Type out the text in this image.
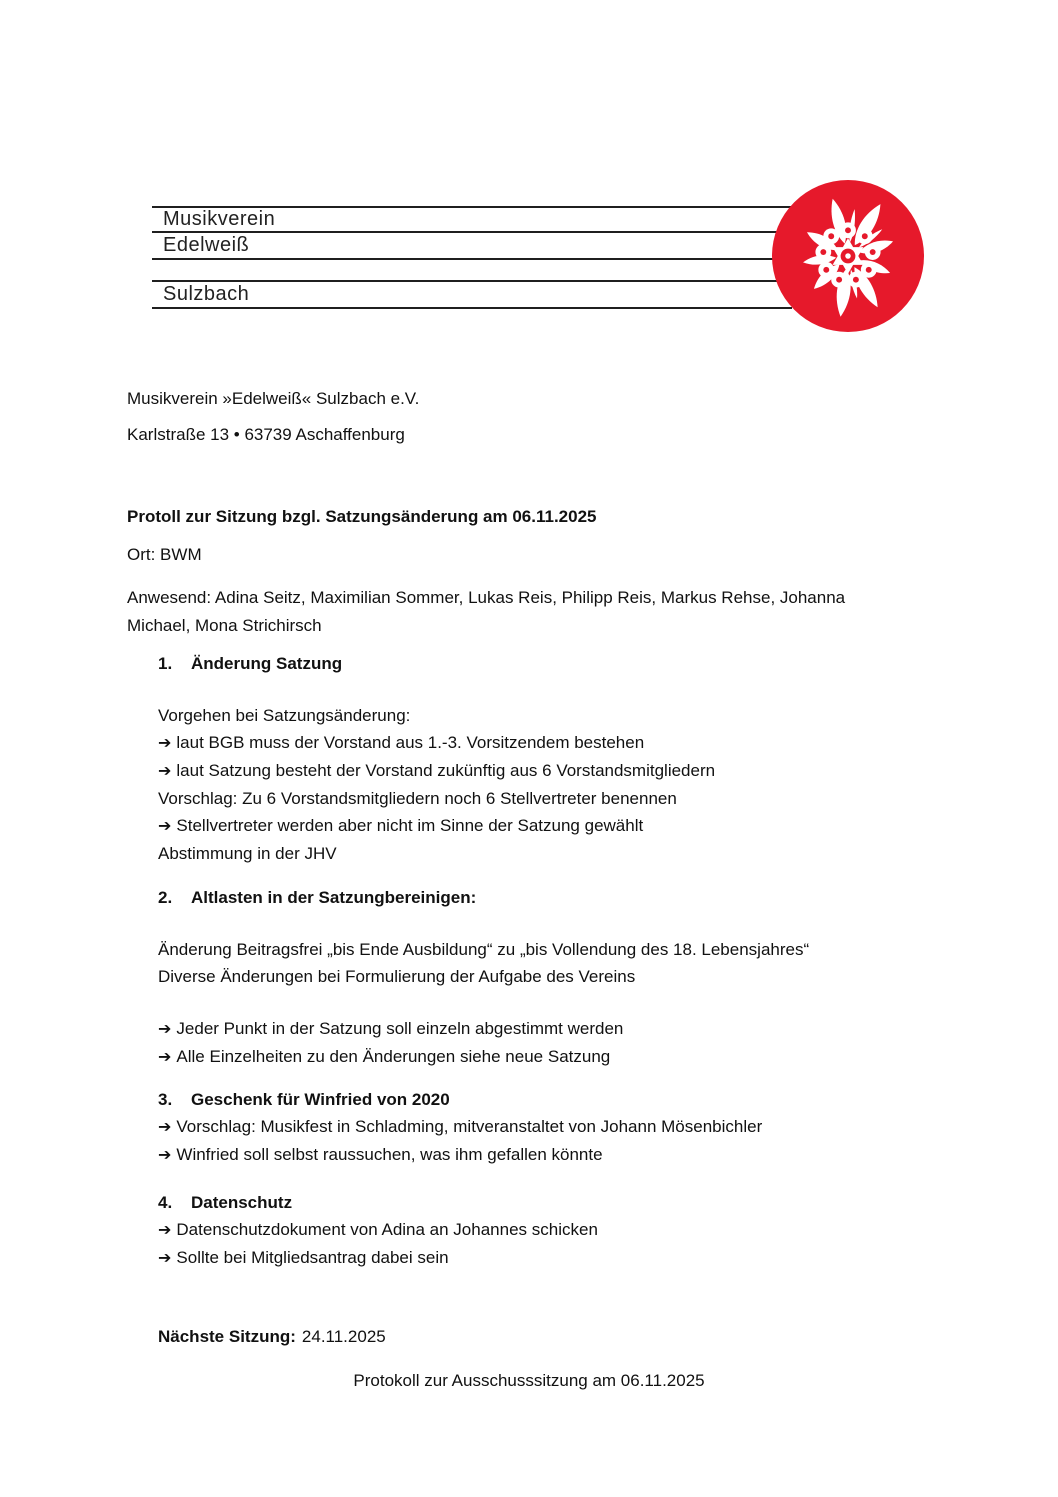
Musikverein
Edelweiß
Sulzbach
Musikverein »Edelweiß« Sulzbach e.V.
Karlstraße 13 • 63739 Aschaffenburg
Protoll zur Sitzung bzgl. Satzungsänderung am 06.11.2025
Ort: BWM
Anwesend: Adina Seitz, Maximilian Sommer, Lukas Reis, Philipp Reis, Markus Rehse, Johanna Michael, Mona Strichirsch
1. Änderung Satzung
Vorgehen bei Satzungsänderung:
➔ laut BGB muss der Vorstand aus 1.-3. Vorsitzendem bestehen
➔ laut Satzung besteht der Vorstand zukünftig aus 6 Vorstandsmitgliedern
Vorschlag: Zu 6 Vorstandsmitgliedern noch 6 Stellvertreter benennen
➔ Stellvertreter werden aber nicht im Sinne der Satzung gewählt
Abstimmung in der JHV
2. Altlasten in der Satzungbereinigen:
Änderung Beitragsfrei „bis Ende Ausbildung“ zu „bis Vollendung des 18. Lebensjahres“
Diverse Änderungen bei Formulierung der Aufgabe des Vereins
➔ Jeder Punkt in der Satzung soll einzeln abgestimmt werden
➔ Alle Einzelheiten zu den Änderungen siehe neue Satzung
3. Geschenk für Winfried von 2020
➔ Vorschlag: Musikfest in Schladming, mitveranstaltet von Johann Mösenbichler
➔ Winfried soll selbst raussuchen, was ihm gefallen könnte
4. Datenschutz
➔ Datenschutzdokument von Adina an Johannes schicken
➔ Sollte bei Mitgliedsantrag dabei sein
Nächste Sitzung: 24.11.2025
Protokoll zur Ausschusssitzung am 06.11.2025
